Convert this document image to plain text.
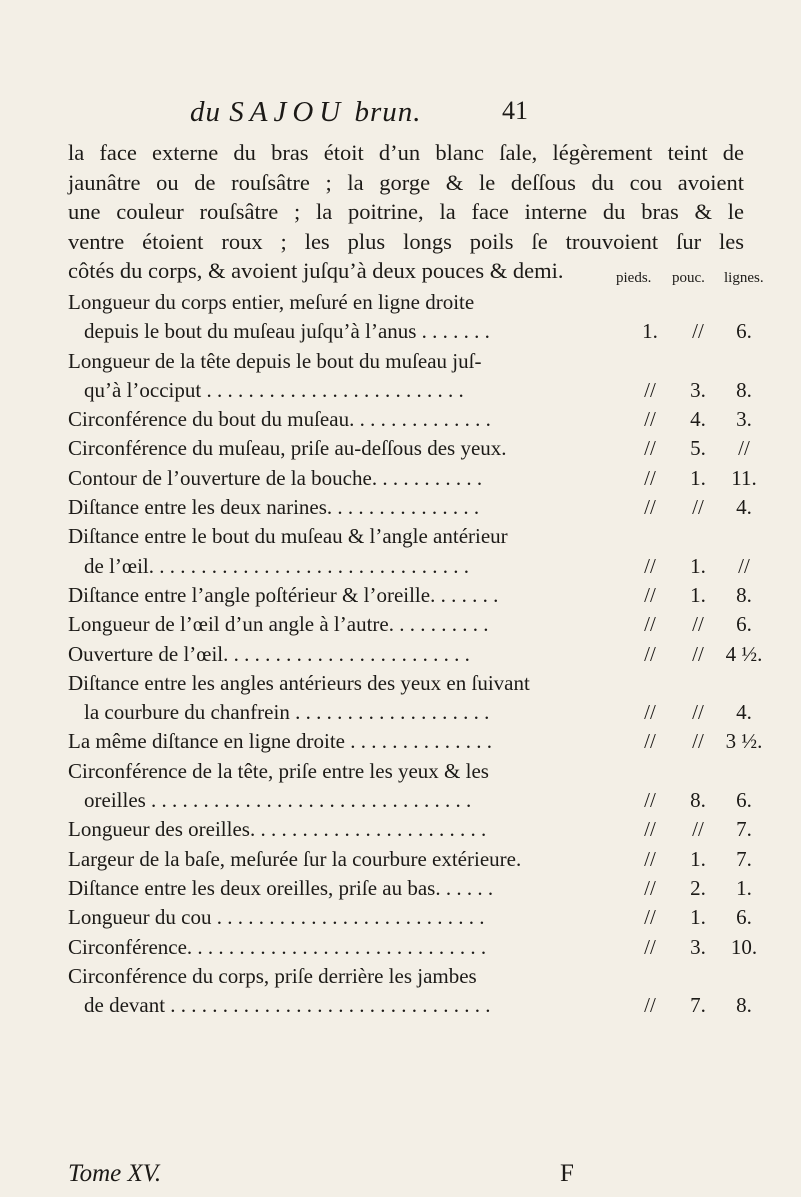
du SAJOU brun.	41
la face externe du bras étoit d’un blanc ſale, légèrement teint de
jaunâtre ou de rouſsâtre ; la gorge & le deſſous du cou avoient
une couleur rouſsâtre ; la poitrine, la face interne du bras & le
ventre étoient roux ; les plus longs poils ſe trouvoient ſur les
côtés du corps, & avoient juſqu’à deux pouces & demi.	pieds. pouc. lignes.
Longueur du corps entier, meſuré en ligne droite
depuis le bout du muſeau juſqu’à l’anus . . . . . . .	1.	//	6.
Longueur de la tête depuis le bout du muſeau juſ-
qu’à l’occiput . . . . . . . . . . . . . . . . . . . . . . . . .	//	3.	8.
Circonférence du bout du muſeau. . . . . . . . . . . . . .	//	4.	3.
Circonférence du muſeau, priſe au-deſſous des yeux.	//	5.	//
Contour de l’ouverture de la bouche. . . . . . . . . . .	//	1.	11.
Diſtance entre les deux narines. . . . . . . . . . . . . . .	//	//	4.
Diſtance entre le bout du muſeau & l’angle antérieur
de l’œil. . . . . . . . . . . . . . . . . . . . . . . . . . . . . . .	//	1.	//
Diſtance entre l’angle poſtérieur & l’oreille. . . . . . .	//	1.	8.
Longueur de l’œil d’un angle à l’autre. . . . . . . . . .	//	//	6.
Ouverture de l’œil. . . . . . . . . . . . . . . . . . . . . . . .	//	//	4 ½.
Diſtance entre les angles antérieurs des yeux en ſuivant
la courbure du chanfrein . . . . . . . . . . . . . . . . . . .	//	//	4.
La même diſtance en ligne droite . . . . . . . . . . . . . .	//	//	3 ½.
Circonférence de la tête, priſe entre les yeux & les
oreilles . . . . . . . . . . . . . . . . . . . . . . . . . . . . . . .	//	8.	6.
Longueur des oreilles. . . . . . . . . . . . . . . . . . . . . . .	//	//	7.
Largeur de la baſe, meſurée ſur la courbure extérieure.	//	1.	7.
Diſtance entre les deux oreilles, priſe au bas. . . . . .	//	2.	1.
Longueur du cou . . . . . . . . . . . . . . . . . . . . . . . . . .	//	1.	6.
Circonférence. . . . . . . . . . . . . . . . . . . . . . . . . . . . .	//	3.	10.
Circonférence du corps, priſe derrière les jambes
de devant . . . . . . . . . . . . . . . . . . . . . . . . . . . . . . .	//	7.	8.
Tome XV.	F
